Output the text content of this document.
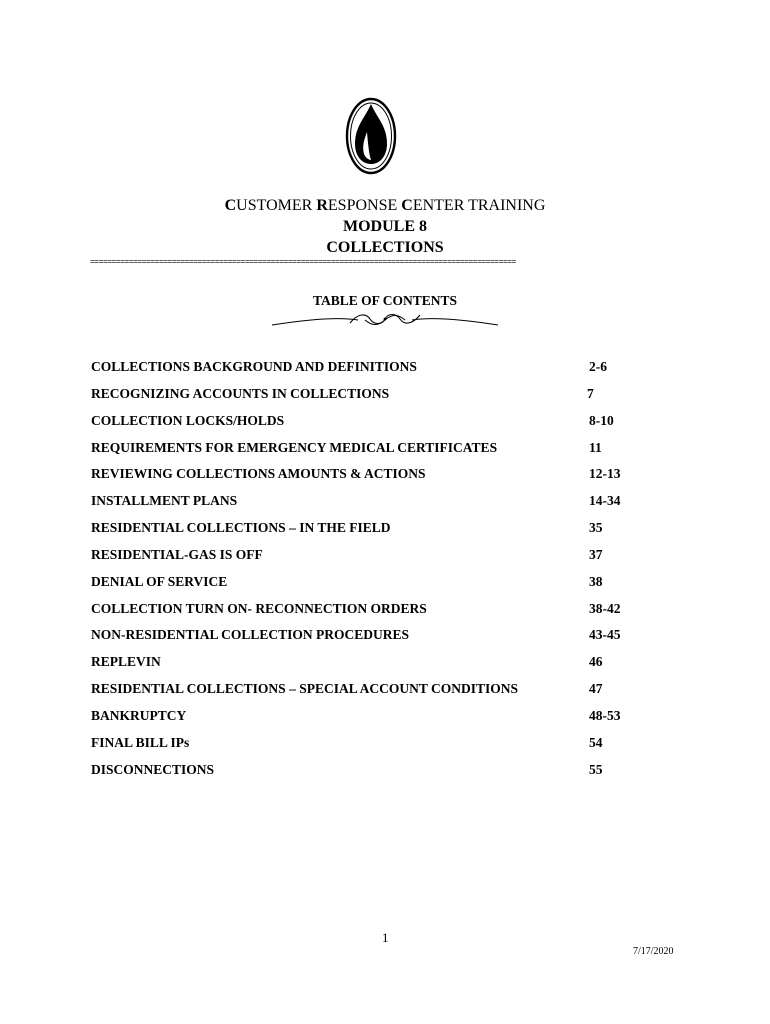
CUSTOMER RESPONSE CENTER TRAINING
MODULE 8
COLLECTIONS
===================================================================================================
TABLE OF CONTENTS
COLLECTIONS BACKGROUND AND DEFINITIONS	2-6
RECOGNIZING ACCOUNTS IN COLLECTIONS	7
COLLECTION LOCKS/HOLDS	8-10
REQUIREMENTS FOR EMERGENCY MEDICAL CERTIFICATES	11
REVIEWING COLLECTIONS AMOUNTS & ACTIONS	12-13
INSTALLMENT PLANS	14-34
RESIDENTIAL COLLECTIONS – IN THE FIELD	35
RESIDENTIAL-GAS IS OFF	37
DENIAL OF SERVICE	38
COLLECTION TURN ON- RECONNECTION ORDERS	38-42
NON-RESIDENTIAL COLLECTION PROCEDURES	43-45
REPLEVIN	46
RESIDENTIAL COLLECTIONS – SPECIAL ACCOUNT CONDITIONS	47
BANKRUPTCY	48-53
FINAL BILL IPs	54
DISCONNECTIONS	55
1
7/17/2020
